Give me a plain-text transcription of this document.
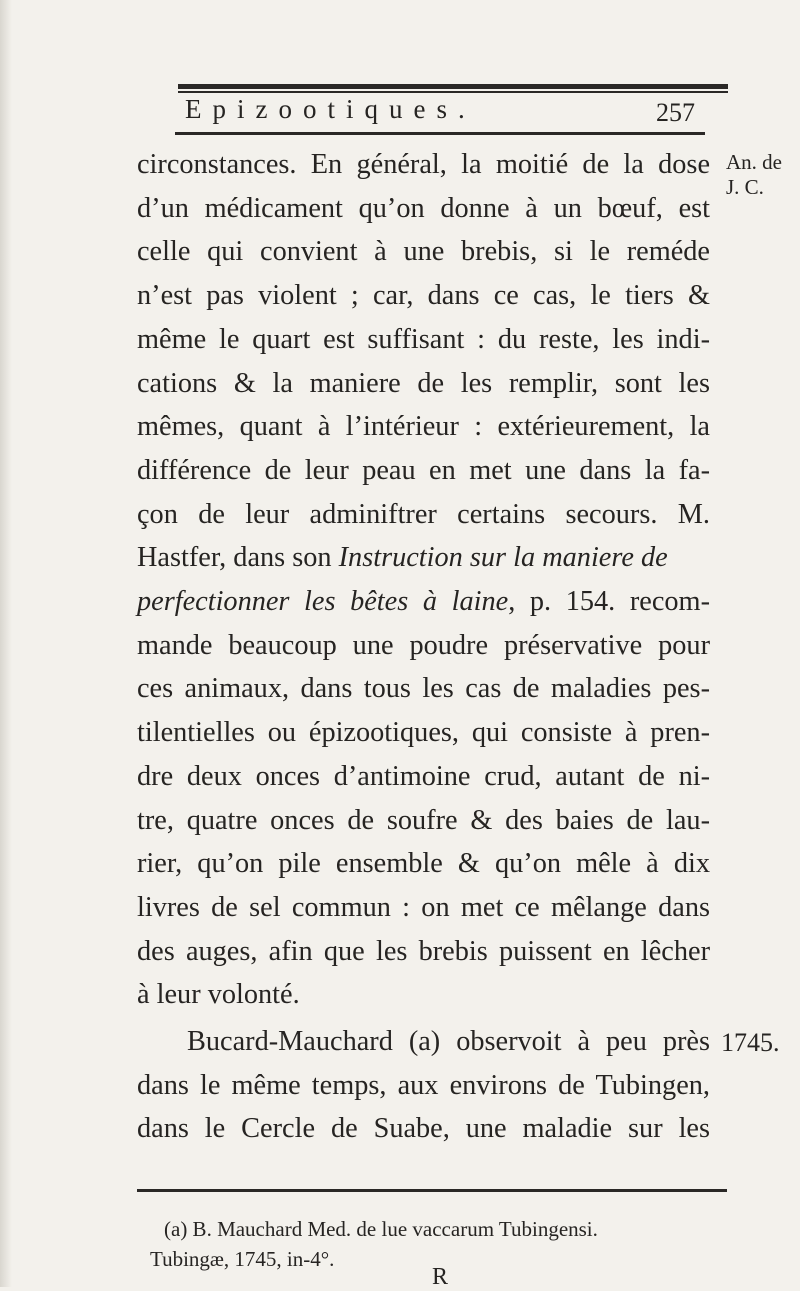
Epizootiques.	257
An. de J. C.
1745.
circonstances. En général, la moitié de la dose
d’un médicament qu’on donne à un bœuf, est
celle qui convient à une brebis, si le reméde
n’est pas violent ; car, dans ce cas, le tiers &
même le quart est suffisant : du reste, les indi-
cations & la maniere de les remplir, sont les
mêmes, quant à l’intérieur : extérieurement, la
différence de leur peau en met une dans la fa-
çon de leur adminiftrer certains secours. M.
Hastfer, dans son Instruction sur la maniere de
perfectionner les bêtes à laine, p. 154. recom-
mande beaucoup une poudre préservative pour
ces animaux, dans tous les cas de maladies pes-
tilentielles ou épizootiques, qui consiste à pren-
dre deux onces d’antimoine crud, autant de ni-
tre, quatre onces de soufre & des baies de lau-
rier, qu’on pile ensemble & qu’on mêle à dix
livres de sel commun : on met ce mêlange dans
des auges, afin que les brebis puissent en lêcher
à leur volonté.
Bucard-Mauchard (a) observoit à peu près
dans le même temps, aux environs de Tubingen,
dans le Cercle de Suabe, une maladie sur les
(a) B. Mauchard Med. de lue vaccarum Tubingensi.
Tubingæ, 1745, in-4°.
R
